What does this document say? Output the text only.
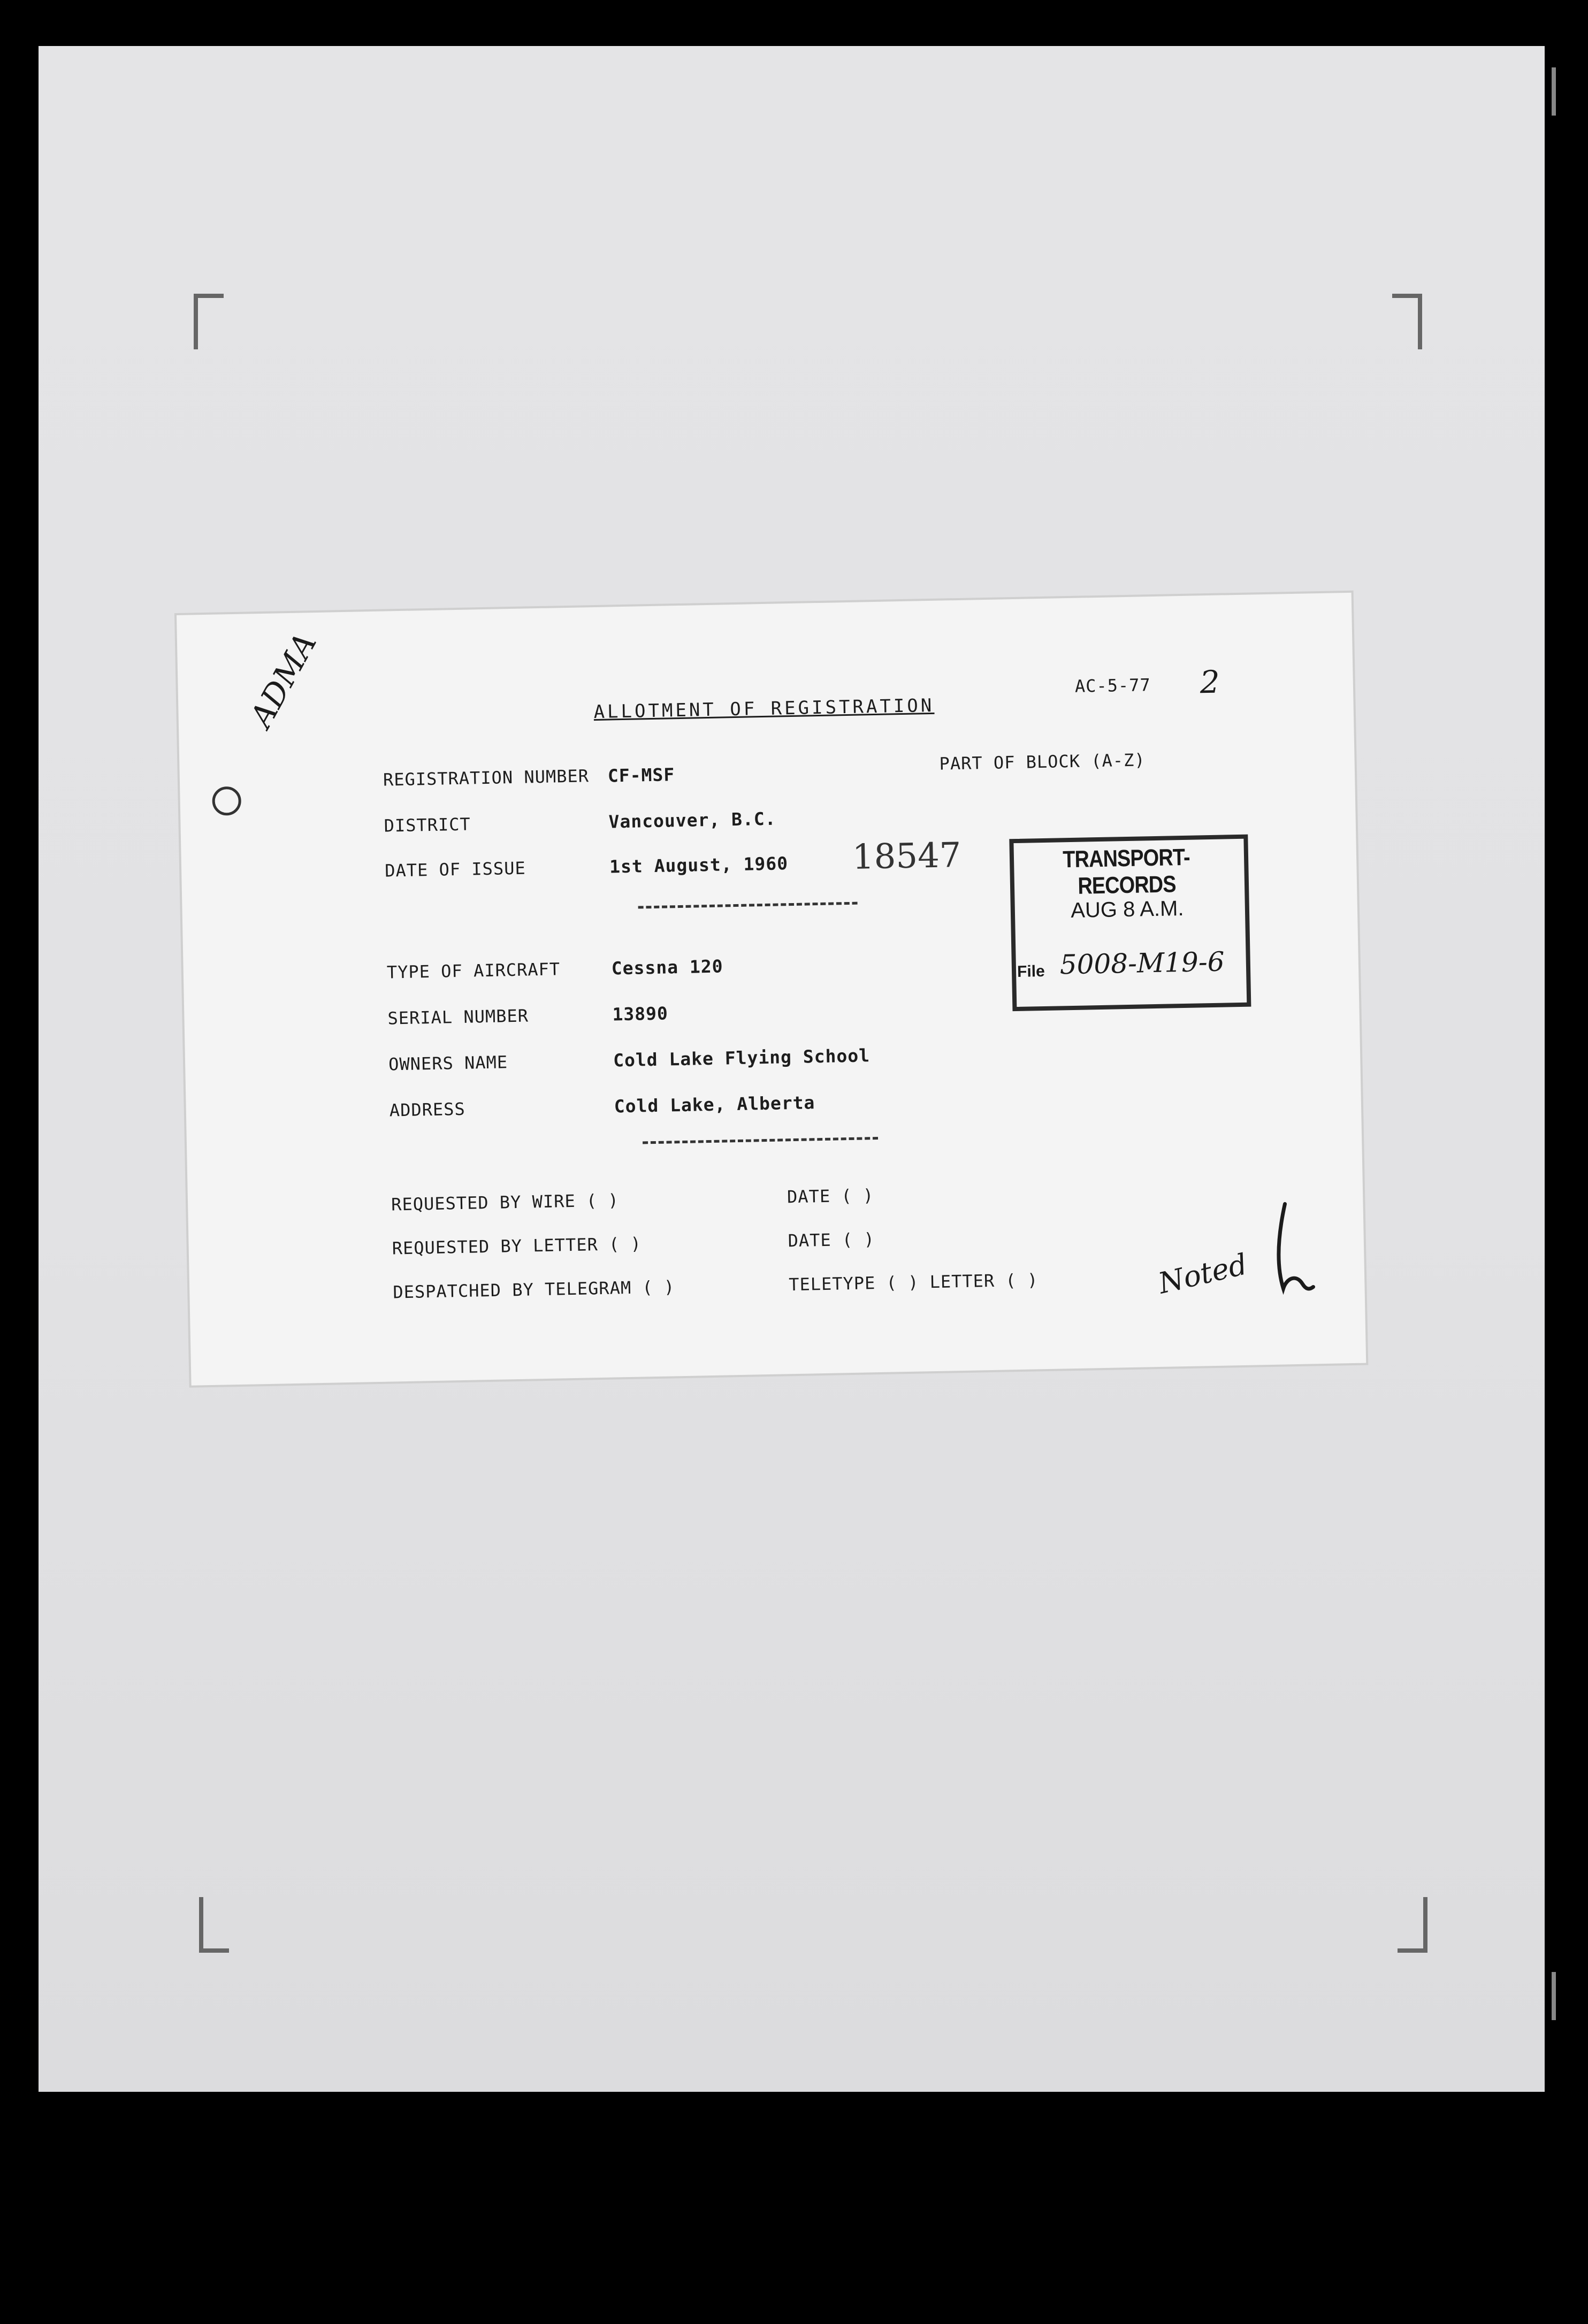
ALLOTMENT OF REGISTRATION
AC-5-77 2
PART OF BLOCK (A-Z)
REGISTRATION NUMBER CF-MSF
DISTRICT	Vancouver, B.C.
DATE OF ISSUE	1st August, 1960 18547
TYPE OF AIRCRAFT	Cessna 120
SERIAL NUMBER	13890
OWNERS NAME	Cold Lake Flying School
ADDRESS	Cold Lake, Alberta
REQUESTED BY WIRE ( )	DATE ( )
REQUESTED BY LETTER ( )	DATE ( )
DESPATCHED BY TELEGRAM ( )	TELETYPE ( ) LETTER ( )
TRANSPORT-RECORDS
AUG 8 A.M.
File 5008-M19-6
ADMA
Noted
